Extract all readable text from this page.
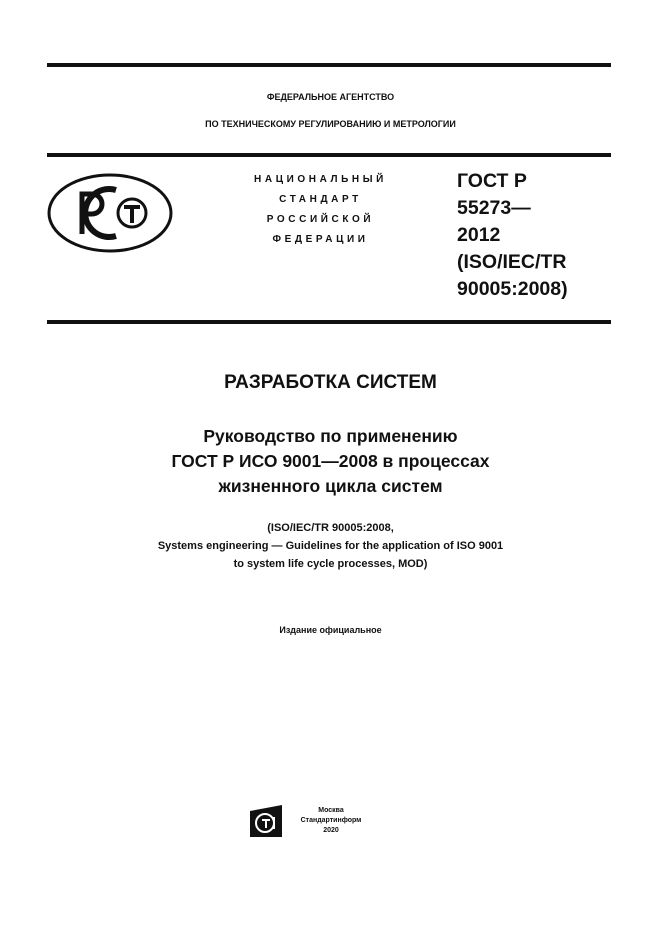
ФЕДЕРАЛЬНОЕ АГЕНТСТВО
ПО ТЕХНИЧЕСКОМУ РЕГУЛИРОВАНИЮ И МЕТРОЛОГИИ
НАЦИОНАЛЬНЫЙ
СТАНДАРТ
РОССИЙСКОЙ
ФЕДЕРАЦИИ
ГОСТ Р
55273—
2012
(ISO/IEC/TR
90005:2008)
РАЗРАБОТКА СИСТЕМ
Руководство по применению
ГОСТ Р ИСО 9001—2008 в процессах
жизненного цикла систем
(ISO/IEC/TR 90005:2008,
Systems engineering — Guidelines for the application of ISO 9001
to system life cycle processes, MOD)
Издание официальное
Москва
Стандартинформ
2020
